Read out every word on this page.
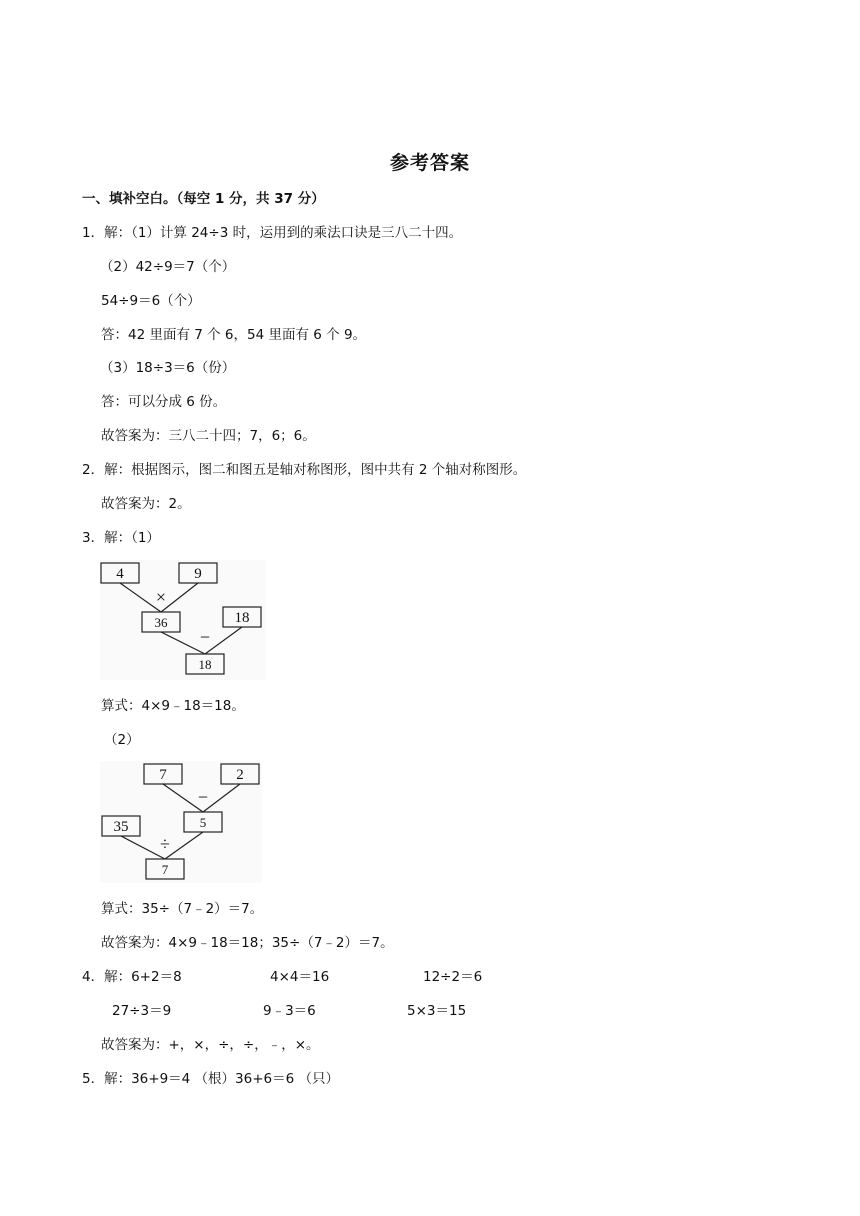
参考答案
一、填补空白。（每空 1 分，共 37 分）
1．解：（1）计算 24÷3 时，运用到的乘法口诀是三八二十四。
（2）42÷9＝7（个）
54÷9＝6（个）
答：42 里面有 7 个 6，54 里面有 6 个 9。
（3）18÷3＝6（份）
答：可以分成 6 份。
故答案为：三八二十四；7，6；6。
2．解：根据图示，图二和图五是轴对称图形，图中共有 2 个轴对称图形。
故答案为：2。
3．解：（1）
4	9
36	18
18
×
−
算式：4×9﹣18＝18。
（2）
7	2
5
35
7
−
÷
算式：35÷（7﹣2）＝7。
故答案为：4×9﹣18＝18；35÷（7﹣2）＝7。
4．解：6+2＝8	4×4＝16	12÷2＝6
27÷3＝9	9﹣3＝6	5×3＝15
故答案为：+，×，÷，÷，﹣，×。
5．解：36+9＝4 （根）36+6＝6 （只）
